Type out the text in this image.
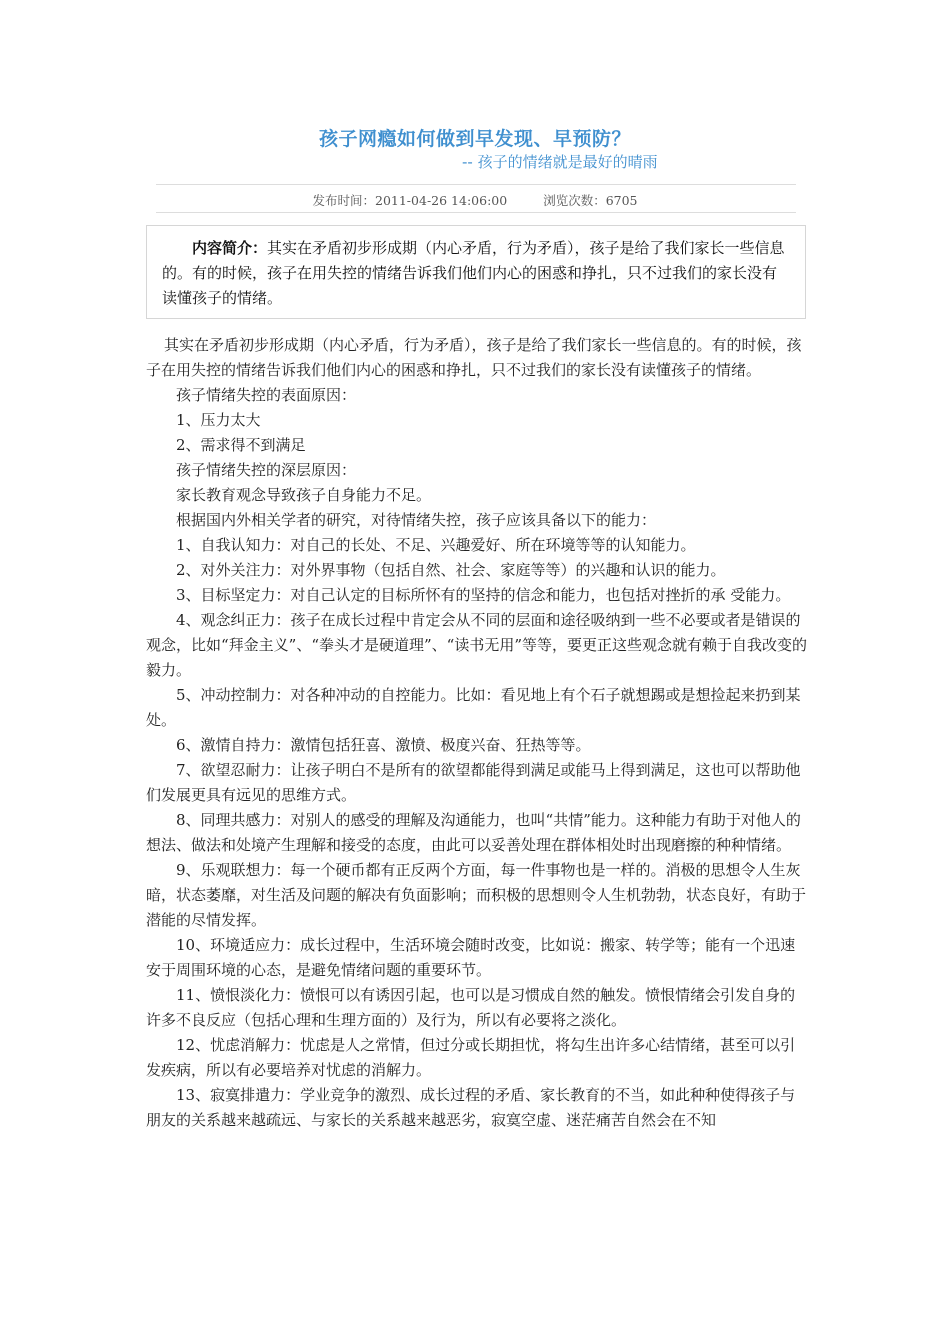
孩子网瘾如何做到早发现、早预防？
-- 孩子的情绪就是最好的晴雨
发布时间：2011-04-26 14:06:00	浏览次数：6705
内容简介：其实在矛盾初步形成期（内心矛盾，行为矛盾），孩子是给了我们家长一些信息的。有的时候，孩子在用失控的情绪告诉我们他们内心的困惑和挣扎，只不过我们的家长没有读懂孩子的情绪。

其实在矛盾初步形成期（内心矛盾，行为矛盾），孩子是给了我们家长一些信息的。有的时候，孩子在用失控的情绪告诉我们他们内心的困惑和挣扎，只不过我们的家长没有读懂孩子的情绪。

孩子情绪失控的表面原因：

1、压力太大

2、需求得不到满足

孩子情绪失控的深层原因：

家长教育观念导致孩子自身能力不足。

根据国内外相关学者的研究，对待情绪失控，孩子应该具备以下的能力：

1、自我认知力：对自己的长处、不足、兴趣爱好、所在环境等等的认知能力。

2、对外关注力：对外界事物（包括自然、社会、家庭等等）的兴趣和认识的能力。

3、目标坚定力：对自己认定的目标所怀有的坚持的信念和能力，也包括对挫折的承 受能力。

4、观念纠正力：孩子在成长过程中肯定会从不同的层面和途径吸纳到一些不必要或者是错误的观念，比如“拜金主义”、“拳头才是硬道理”、“读书无用”等等，要更正这些观念就有赖于自我改变的毅力。

5、冲动控制力：对各种冲动的自控能力。比如：看见地上有个石子就想踢或是想捡起来扔到某处。

6、激情自持力：激情包括狂喜、激愤、极度兴奋、狂热等等。

7、欲望忍耐力：让孩子明白不是所有的欲望都能得到满足或能马上得到满足，这也可以帮助他们发展更具有远见的思维方式。

8、同理共感力：对别人的感受的理解及沟通能力，也叫“共情”能力。这种能力有助于对他人的想法、做法和处境产生理解和接受的态度，由此可以妥善处理在群体相处时出现磨擦的种种情绪。

9、乐观联想力：每一个硬币都有正反两个方面，每一件事物也是一样的。消极的思想令人生灰暗，状态萎靡，对生活及问题的解决有负面影响；而积极的思想则令人生机勃勃，状态良好，有助于潜能的尽情发挥。

10、环境适应力：成长过程中，生活环境会随时改变，比如说：搬家、转学等；能有一个迅速安于周围环境的心态，是避免情绪问题的重要环节。

11、愤恨淡化力：愤恨可以有诱因引起，也可以是习惯成自然的触发。愤恨情绪会引发自身的许多不良反应（包括心理和生理方面的）及行为，所以有必要将之淡化。

12、忧虑消解力：忧虑是人之常情，但过分或长期担忧，将勾生出许多心结情绪，甚至可以引发疾病，所以有必要培养对忧虑的消解力。

13、寂寞排遣力：学业竞争的激烈、成长过程的矛盾、家长教育的不当，如此种种使得孩子与朋友的关系越来越疏远、与家长的关系越来越恶劣，寂寞空虚、迷茫痛苦自然会在不知
